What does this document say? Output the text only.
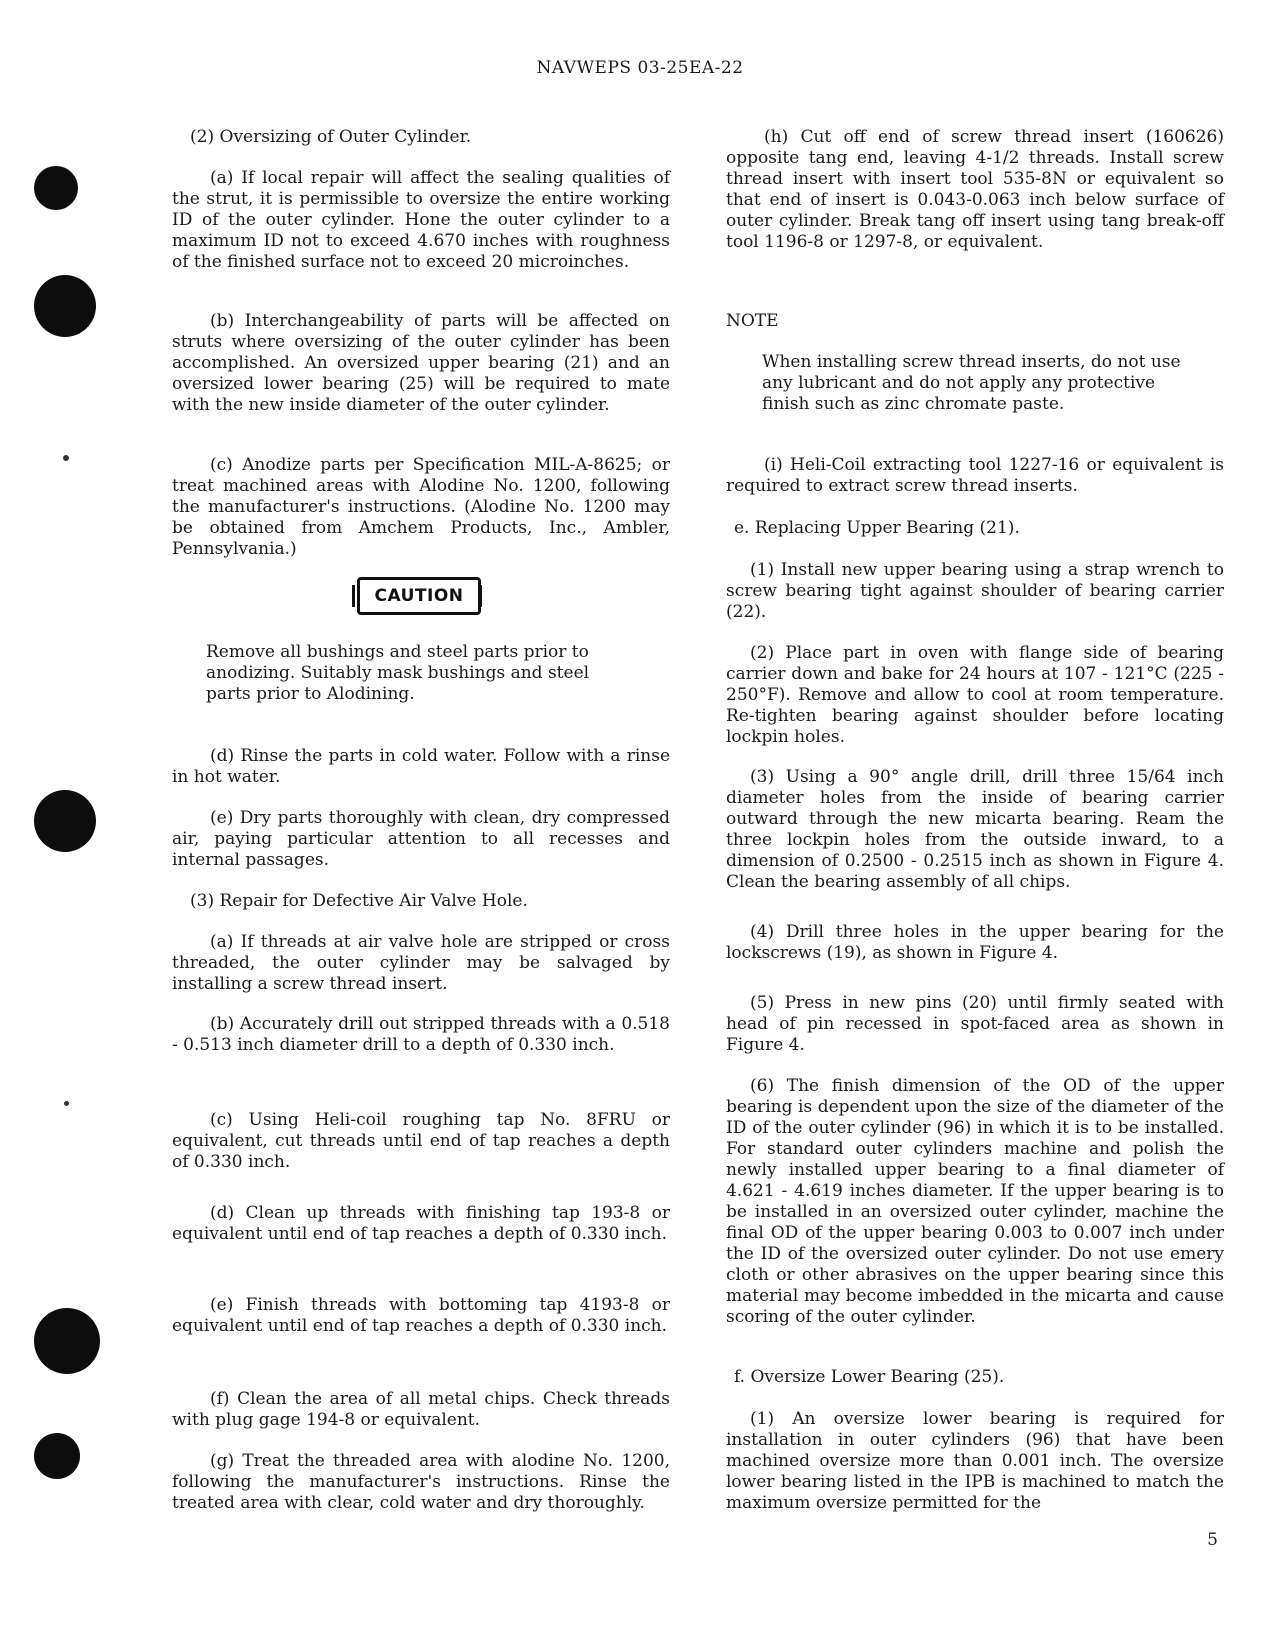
NAVWEPS 03-25EA-22

(2) Oversizing of Outer Cylinder.

(a) If local repair will affect the sealing qualities of the strut, it is permissible to oversize the entire working ID of the outer cylinder. Hone the outer cylinder to a maximum ID not to exceed 4.670 inches with roughness of the finished surface not to exceed 20 microinches.

(b) Interchangeability of parts will be affected on struts where oversizing of the outer cylinder has been accomplished. An oversized upper bearing (21) and an oversized lower bearing (25) will be required to mate with the new inside diameter of the outer cylinder.

(c) Anodize parts per Specification MIL-A-8625; or treat machined areas with Alodine No. 1200, following the manufacturer's instructions. (Alodine No. 1200 may be obtained from Amchem Products, Inc., Ambler, Pennsylvania.)

CAUTION

Remove all bushings and steel parts prior to anodizing. Suitably mask bushings and steel parts prior to Alodining.

(d) Rinse the parts in cold water. Follow with a rinse in hot water.

(e) Dry parts thoroughly with clean, dry compressed air, paying particular attention to all recesses and internal passages.

(3) Repair for Defective Air Valve Hole.

(a) If threads at air valve hole are stripped or cross threaded, the outer cylinder may be salvaged by installing a screw thread insert.

(b) Accurately drill out stripped threads with a 0.518 - 0.513 inch diameter drill to a depth of 0.330 inch.

(c) Using Heli-coil roughing tap No. 8FRU or equivalent, cut threads until end of tap reaches a depth of 0.330 inch.

(d) Clean up threads with finishing tap 193-8 or equivalent until end of tap reaches a depth of 0.330 inch.

(e) Finish threads with bottoming tap 4193-8 or equivalent until end of tap reaches a depth of 0.330 inch.

(f) Clean the area of all metal chips. Check threads with plug gage 194-8 or equivalent.

(g) Treat the threaded area with alodine No. 1200, following the manufacturer's instructions. Rinse the treated area with clear, cold water and dry thoroughly.

(h) Cut off end of screw thread insert (160626) opposite tang end, leaving 4-1/2 threads. Install screw thread insert with insert tool 535-8N or equivalent so that end of insert is 0.043-0.063 inch below surface of outer cylinder. Break tang off insert using tang break-off tool 1196-8 or 1297-8, or equivalent.

NOTE

When installing screw thread inserts, do not use any lubricant and do not apply any protective finish such as zinc chromate paste.

(i) Heli-Coil extracting tool 1227-16 or equivalent is required to extract screw thread inserts.

e. Replacing Upper Bearing (21).

(1) Install new upper bearing using a strap wrench to screw bearing tight against shoulder of bearing carrier (22).

(2) Place part in oven with flange side of bearing carrier down and bake for 24 hours at 107 - 121°C (225 - 250°F). Remove and allow to cool at room temperature. Re-tighten bearing against shoulder before locating lockpin holes.

(3) Using a 90° angle drill, drill three 15/64 inch diameter holes from the inside of bearing carrier outward through the new micarta bearing. Ream the three lockpin holes from the outside inward, to a dimension of 0.2500 - 0.2515 inch as shown in Figure 4. Clean the bearing assembly of all chips.

(4) Drill three holes in the upper bearing for the lockscrews (19), as shown in Figure 4.

(5) Press in new pins (20) until firmly seated with head of pin recessed in spot-faced area as shown in Figure 4.

(6) The finish dimension of the OD of the upper bearing is dependent upon the size of the diameter of the ID of the outer cylinder (96) in which it is to be installed. For standard outer cylinders machine and polish the newly installed upper bearing to a final diameter of 4.621 - 4.619 inches diameter. If the upper bearing is to be installed in an oversized outer cylinder, machine the final OD of the upper bearing 0.003 to 0.007 inch under the ID of the oversized outer cylinder. Do not use emery cloth or other abrasives on the upper bearing since this material may become imbedded in the micarta and cause scoring of the outer cylinder.

f. Oversize Lower Bearing (25).

(1) An oversize lower bearing is required for installation in outer cylinders (96) that have been machined oversize more than 0.001 inch. The oversize lower bearing listed in the IPB is machined to match the maximum oversize permitted for the

5
